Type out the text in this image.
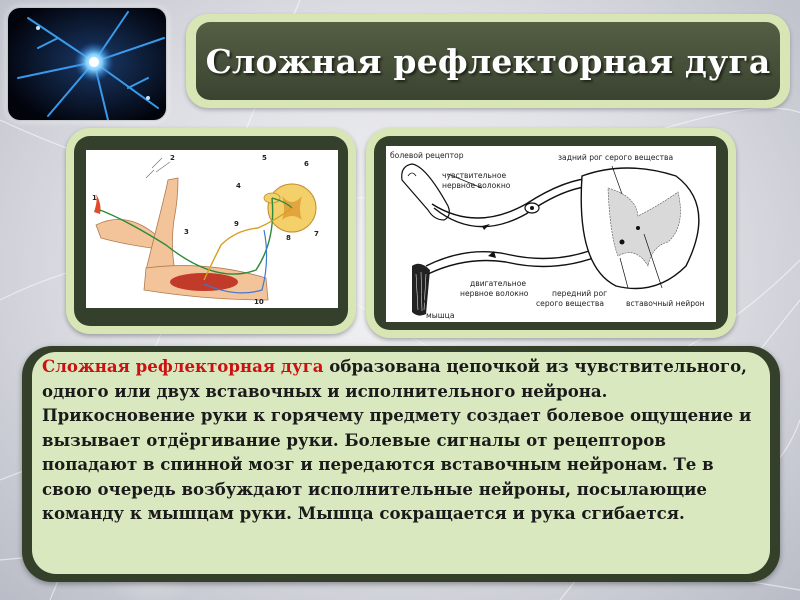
Сложная рефлекторная дуга
1
2
3
4
5
6
7
8
9
10
болевой рецептор	задний рог серого вещества
чувствительное
нервное волокно
двигательное
нервное волокно	передний рог
серого вещества	вставочный нейрон
мышца

Сложная рефлекторная дуга образована цепочкой из чувствительного, одного или двух вставочных и исполнительного нейрона.
Прикосновение руки к горячему предмету создает болевое ощущение и вызывает отдёргивание руки. Болевые сигналы от рецепторов попадают в спинной мозг и передаются вставочным нейронам. Те в свою очередь возбуждают исполнительные нейроны, посылающие команду к мышцам руки. Мышца сокращается и рука сгибается.
